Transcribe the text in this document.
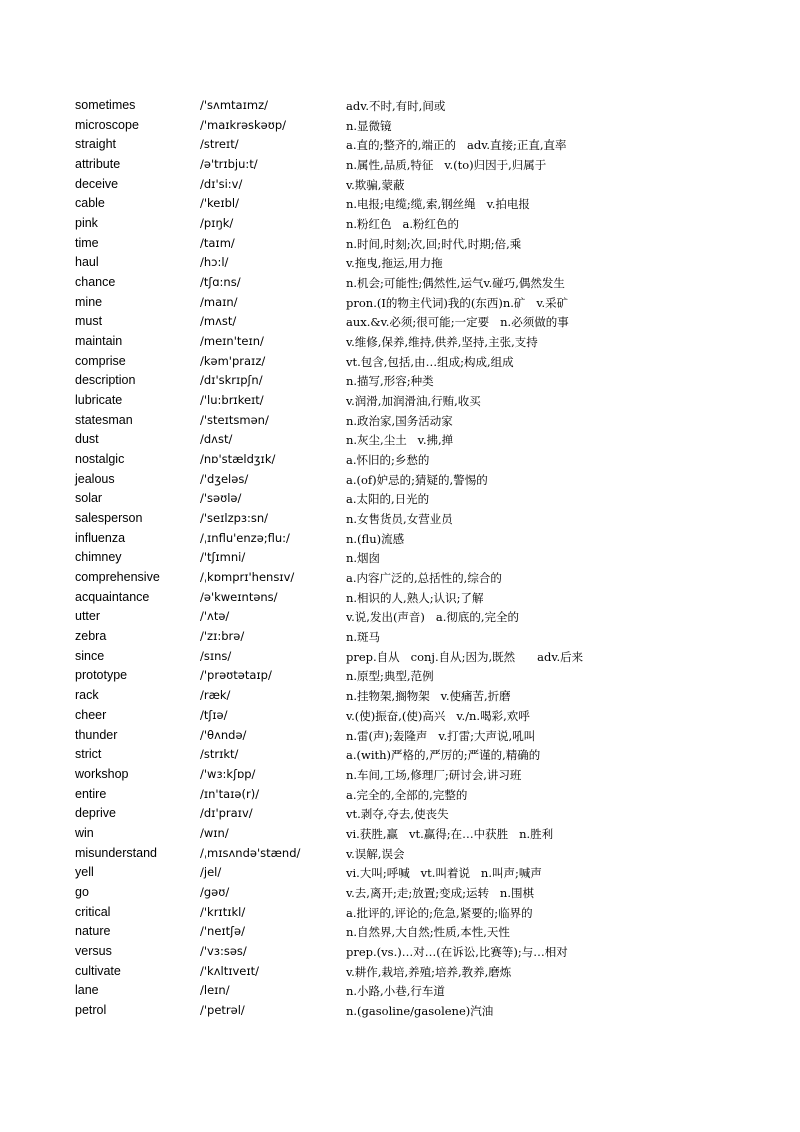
sometimes	/'sʌmtaɪmz/	adv.不时,有时,间或
microscope	/'maɪkrəskəʊp/	n.显微镜
straight	/streɪt/	a.直的;整齐的,端正的   adv.直接;正直,直率
attribute	/ə'trɪbju:t/	n.属性,品质,特征   v.(to)归因于,归属于
deceive	/dɪ'si:v/	v.欺骗,蒙蔽
cable	/'keɪbl/	n.电报;电缆;缆,索,钢丝绳   v.拍电报
pink	/pɪŋk/	n.粉红色   a.粉红色的
time	/taɪm/	n.时间,时刻;次,回;时代,时期;倍,乘
haul	/hɔ:l/	v.拖曳,拖运,用力拖
chance	/tʃɑ:ns/	n.机会;可能性;偶然性,运气v.碰巧,偶然发生
mine	/maɪn/	pron.(I的物主代词)我的(东西)n.矿   v.采矿
must	/mʌst/	aux.&v.必须;很可能;一定要   n.必须做的事
maintain	/meɪn'teɪn/	v.维修,保养,维持,供养,坚持,主张,支持
comprise	/kəm'praɪz/	vt.包含,包括,由…组成;构成,组成
description	/dɪ'skrɪpʃn/	n.描写,形容;种类
lubricate	/'lu:brɪkeɪt/	v.润滑,加润滑油,行贿,收买
statesman	/'steɪtsmən/	n.政治家,国务活动家
dust	/dʌst/	n.灰尘,尘土   v.拂,掸
nostalgic	/nɒ'stældʒɪk/	a.怀旧的;乡愁的
jealous	/'dʒeləs/	a.(of)妒忌的;猜疑的,警惕的
solar	/'səʊlə/	a.太阳的,日光的
salesperson	/'seɪlzpɜ:sn/	n.女售货员,女营业员
influenza	/ˌɪnflu'enzə;flu:/	n.(flu)流感
chimney	/'tʃɪmni/	n.烟囱
comprehensive	/ˌkɒmprɪ'hensɪv/	a.内容广泛的,总括性的,综合的
acquaintance	/ə'kweɪntəns/	n.相识的人,熟人;认识;了解
utter	/'ʌtə/	v.说,发出(声音)   a.彻底的,完全的
zebra	/'zɪ:brə/	n.斑马
since	/sɪns/	prep.自从   conj.自从;因为,既然      adv.后来
prototype	/'prəʊtətaɪp/	n.原型;典型,范例
rack	/ræk/	n.挂物架,搁物架   v.使痛苦,折磨
cheer	/tʃɪə/	v.(使)振奋,(使)高兴   v./n.喝彩,欢呼
thunder	/'θʌndə/	n.雷(声);轰隆声   v.打雷;大声说,吼叫
strict	/strɪkt/	a.(with)严格的,严厉的;严谨的,精确的
workshop	/'wɜ:kʃɒp/	n.车间,工场,修理厂;研讨会,讲习班
entire	/ɪn'taɪə(r)/	a.完全的,全部的,完整的
deprive	/dɪ'praɪv/	vt.剥夺,夺去,使丧失
win	/wɪn/	vi.获胜,赢   vt.赢得;在…中获胜   n.胜利
misunderstand	/ˌmɪsʌndə'stænd/	v.误解,误会
yell	/jel/	vi.大叫;呼喊   vt.叫着说   n.叫声;喊声
go	/gəʊ/	v.去,离开;走;放置;变成;运转   n.围棋
critical	/'krɪtɪkl/	a.批评的,评论的;危急,紧要的;临界的
nature	/'neɪtʃə/	n.自然界,大自然;性质,本性,天性
versus	/'vɜ:səs/	prep.(vs.)…对…(在诉讼,比赛等);与…相对
cultivate	/'kʌltɪveɪt/	v.耕作,栽培,养殖;培养,教养,磨炼
lane	/leɪn/	n.小路,小巷,行车道
petrol	/'petrəl/	n.(gasoline/gasolene)汽油
